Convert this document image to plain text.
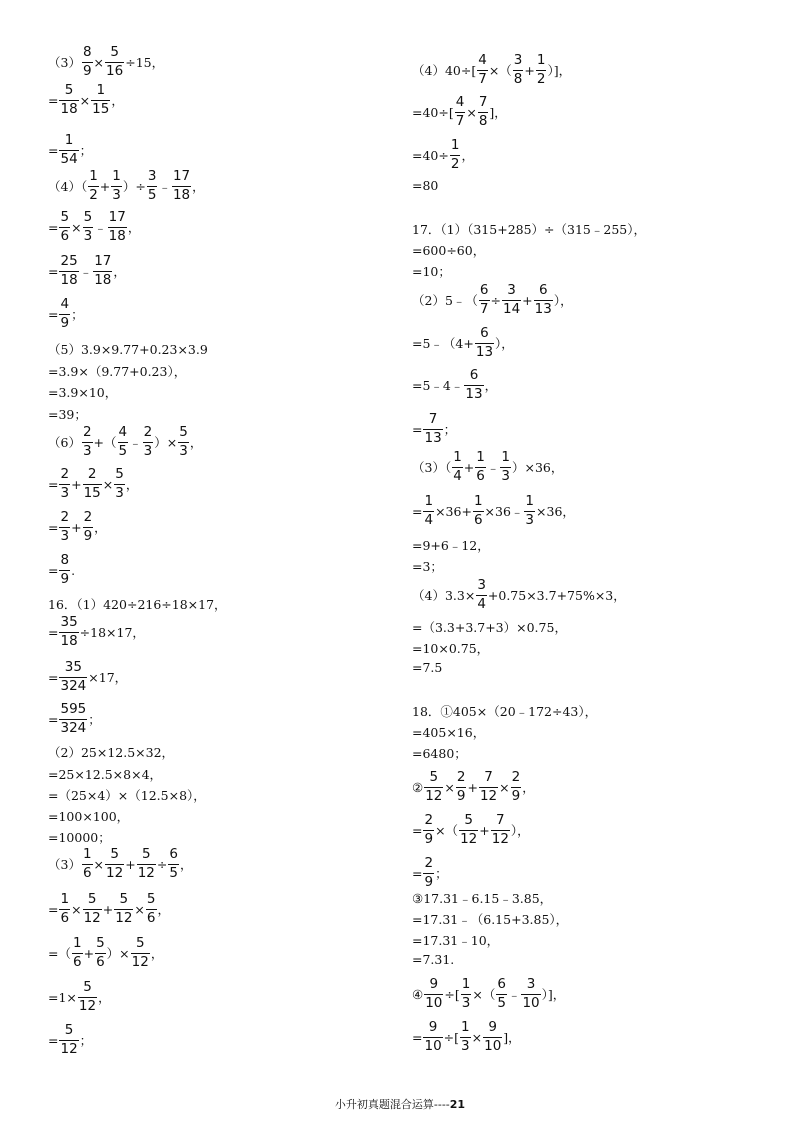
$(3) \frac{8}{9} \times \frac{5}{16} \div 15$，
= $\frac{5}{18} \times \frac{1}{15}$ ，
= $\frac{1}{54}$ ；
$(4)( \frac{1}{2} + \frac{1}{3}$ ）÷ $\frac{3}{5}$ ﹣ $\frac{17}{18}$ ，
= $\frac{5}{6} \times \frac{5}{3}$ ﹣ $\frac{17}{18}$ ，
= $\frac{25}{18}$ ﹣ $\frac{17}{18}$ ，
= $\frac{4}{9}$ ；
（5）3.9×9.77+0.23×3.9
=3.9×（9.77+0.23），
=3.9×10，
=39；
$(6) \frac{2}{3}$ +（ $\frac{4}{5}$ ﹣ $\frac{2}{3}$ ）× $\frac{5}{3}$ ，
= $\frac{2}{3} + \frac{2}{15} \times \frac{5}{3}$ ，
= $\frac{2}{3} + \frac{2}{9}$ ，
= $\frac{8}{9}$ .
16．（1）420÷216÷18×17，
= $\frac{35}{18} \div 18\times 17$，
= $\frac{35}{324} \times 17$，
= $\frac{595}{324}$ ；
（2）25×12.5×32，
=25×12.5×8×4，
=（25×4）×（12.5×8），
=100×100，
=10000；
$(3) \frac{1}{6} \times \frac{5}{12} + \frac{5}{12} \div \frac{6}{5}$ ，
= $\frac{1}{6} \times \frac{5}{12} + \frac{5}{12} \times \frac{5}{6}$ ，
=（ $\frac{1}{6} + \frac{5}{6}$ ）× $\frac{5}{12}$ ，
$=1\times \frac{5}{12}$ ，
= $\frac{5}{12}$ ；
$(4)40\div[ \frac{4}{7}$ ×（ $\frac{3}{8} + \frac{1}{2}$ ）]，
$=40\div[ \frac{4}{7} \times \frac{7}{8}$ ]，
$=40\div \frac{1}{2}$ ，
=80
17．（1）（315+285）÷（315﹣255），
=600÷60，
=10；
（2）5﹣（ $\frac{6}{7} \div \frac{3}{14} + \frac{6}{13}$ ），
=5﹣（4+ $\frac{6}{13}$ ），
=5﹣4﹣ $\frac{6}{13}$ ，
= $\frac{7}{13}$ ；
$(3)( \frac{1}{4} + \frac{1}{6}$ ﹣ $\frac{1}{3} )\times 36$，
= $\frac{1}{4} \times 36+ \frac{1}{6}$ ×36﹣ $\frac{1}{3} \times 36$，
=9+6﹣12，
=3；
$(4)3.3\times \frac{3}{4} +0.75\times 3.7+75\%\times 3$，
=（3.3+3.7+3）×0.75，
=10×0.75，
=7.5
18．①405×（20﹣172÷43），
=405×16，
=6480；
② $\frac{5}{12} \times \frac{2}{9} + \frac{7}{12} \times \frac{2}{9}$ ，
= $\frac{2}{9}$ ×（ $\frac{5}{12} + \frac{7}{12}$ ），
= $\frac{2}{9}$ ；
③17.31﹣6.15﹣3.85，
=17.31﹣（6.15+3.85），
=17.31﹣10，
=7.31.
④ $\frac{9}{10}$ ÷[ $\frac{1}{3}$ ×（ $\frac{6}{5}$ ﹣ $\frac{3}{10}$ ）]，
= $\frac{9}{10}$ ÷[ $\frac{1}{3} \times \frac{9}{10}$ ]，
小升初真题混合运算----21
